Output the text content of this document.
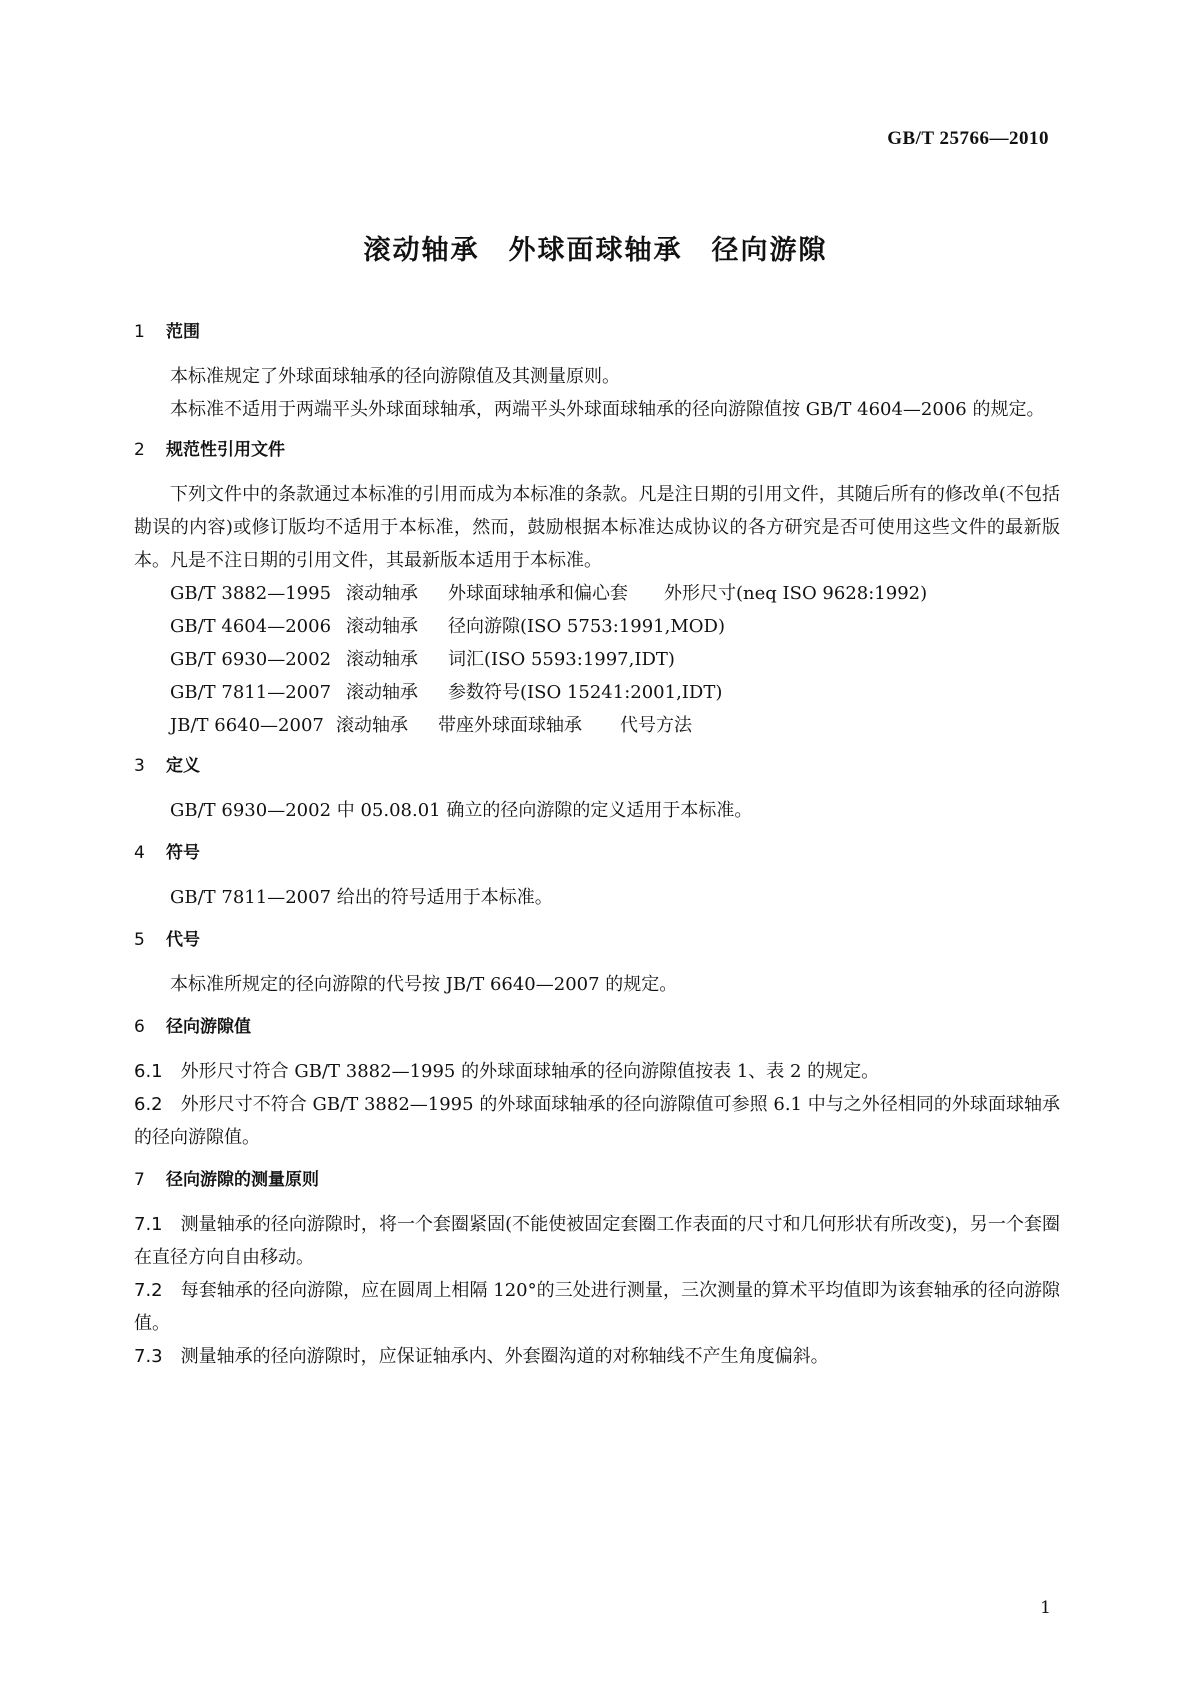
GB/T 25766—2010
滚动轴承　外球面球轴承　径向游隙
1 范围

本标准规定了外球面球轴承的径向游隙值及其测量原则。

本标准不适用于两端平头外球面球轴承，两端平头外球面球轴承的径向游隙值按 GB/T 4604—2006 的规定。

2 规范性引用文件

下列文件中的条款通过本标准的引用而成为本标准的条款。凡是注日期的引用文件，其随后所有的修改单(不包括勘误的内容)或修订版均不适用于本标准，然而，鼓励根据本标准达成协议的各方研究是否可使用这些文件的最新版本。凡是不注日期的引用文件，其最新版本适用于本标准。

GB/T 3882—1995 滚动轴承 外球面球轴承和偏心套 外形尺寸(neq ISO 9628:1992)
GB/T 4604—2006 滚动轴承 径向游隙(ISO 5753:1991,MOD)
GB/T 6930—2002 滚动轴承 词汇(ISO 5593:1997,IDT)
GB/T 7811—2007 滚动轴承 参数符号(ISO 15241:2001,IDT)
JB/T 6640—2007 滚动轴承 带座外球面球轴承 代号方法
3 定义

GB/T 6930—2002 中 05.08.01 确立的径向游隙的定义适用于本标准。

4 符号

GB/T 7811—2007 给出的符号适用于本标准。

5 代号

本标准所规定的径向游隙的代号按 JB/T 6640—2007 的规定。

6 径向游隙值

6.1 外形尺寸符合 GB/T 3882—1995 的外球面球轴承的径向游隙值按表 1、表 2 的规定。

6.2 外形尺寸不符合 GB/T 3882—1995 的外球面球轴承的径向游隙值可参照 6.1 中与之外径相同的外球面球轴承的径向游隙值。

7 径向游隙的测量原则

7.1 测量轴承的径向游隙时，将一个套圈紧固(不能使被固定套圈工作表面的尺寸和几何形状有所改变)，另一个套圈在直径方向自由移动。

7.2 每套轴承的径向游隙，应在圆周上相隔 120°的三处进行测量，三次测量的算术平均值即为该套轴承的径向游隙值。

7.3 测量轴承的径向游隙时，应保证轴承内、外套圈沟道的对称轴线不产生角度偏斜。

1
